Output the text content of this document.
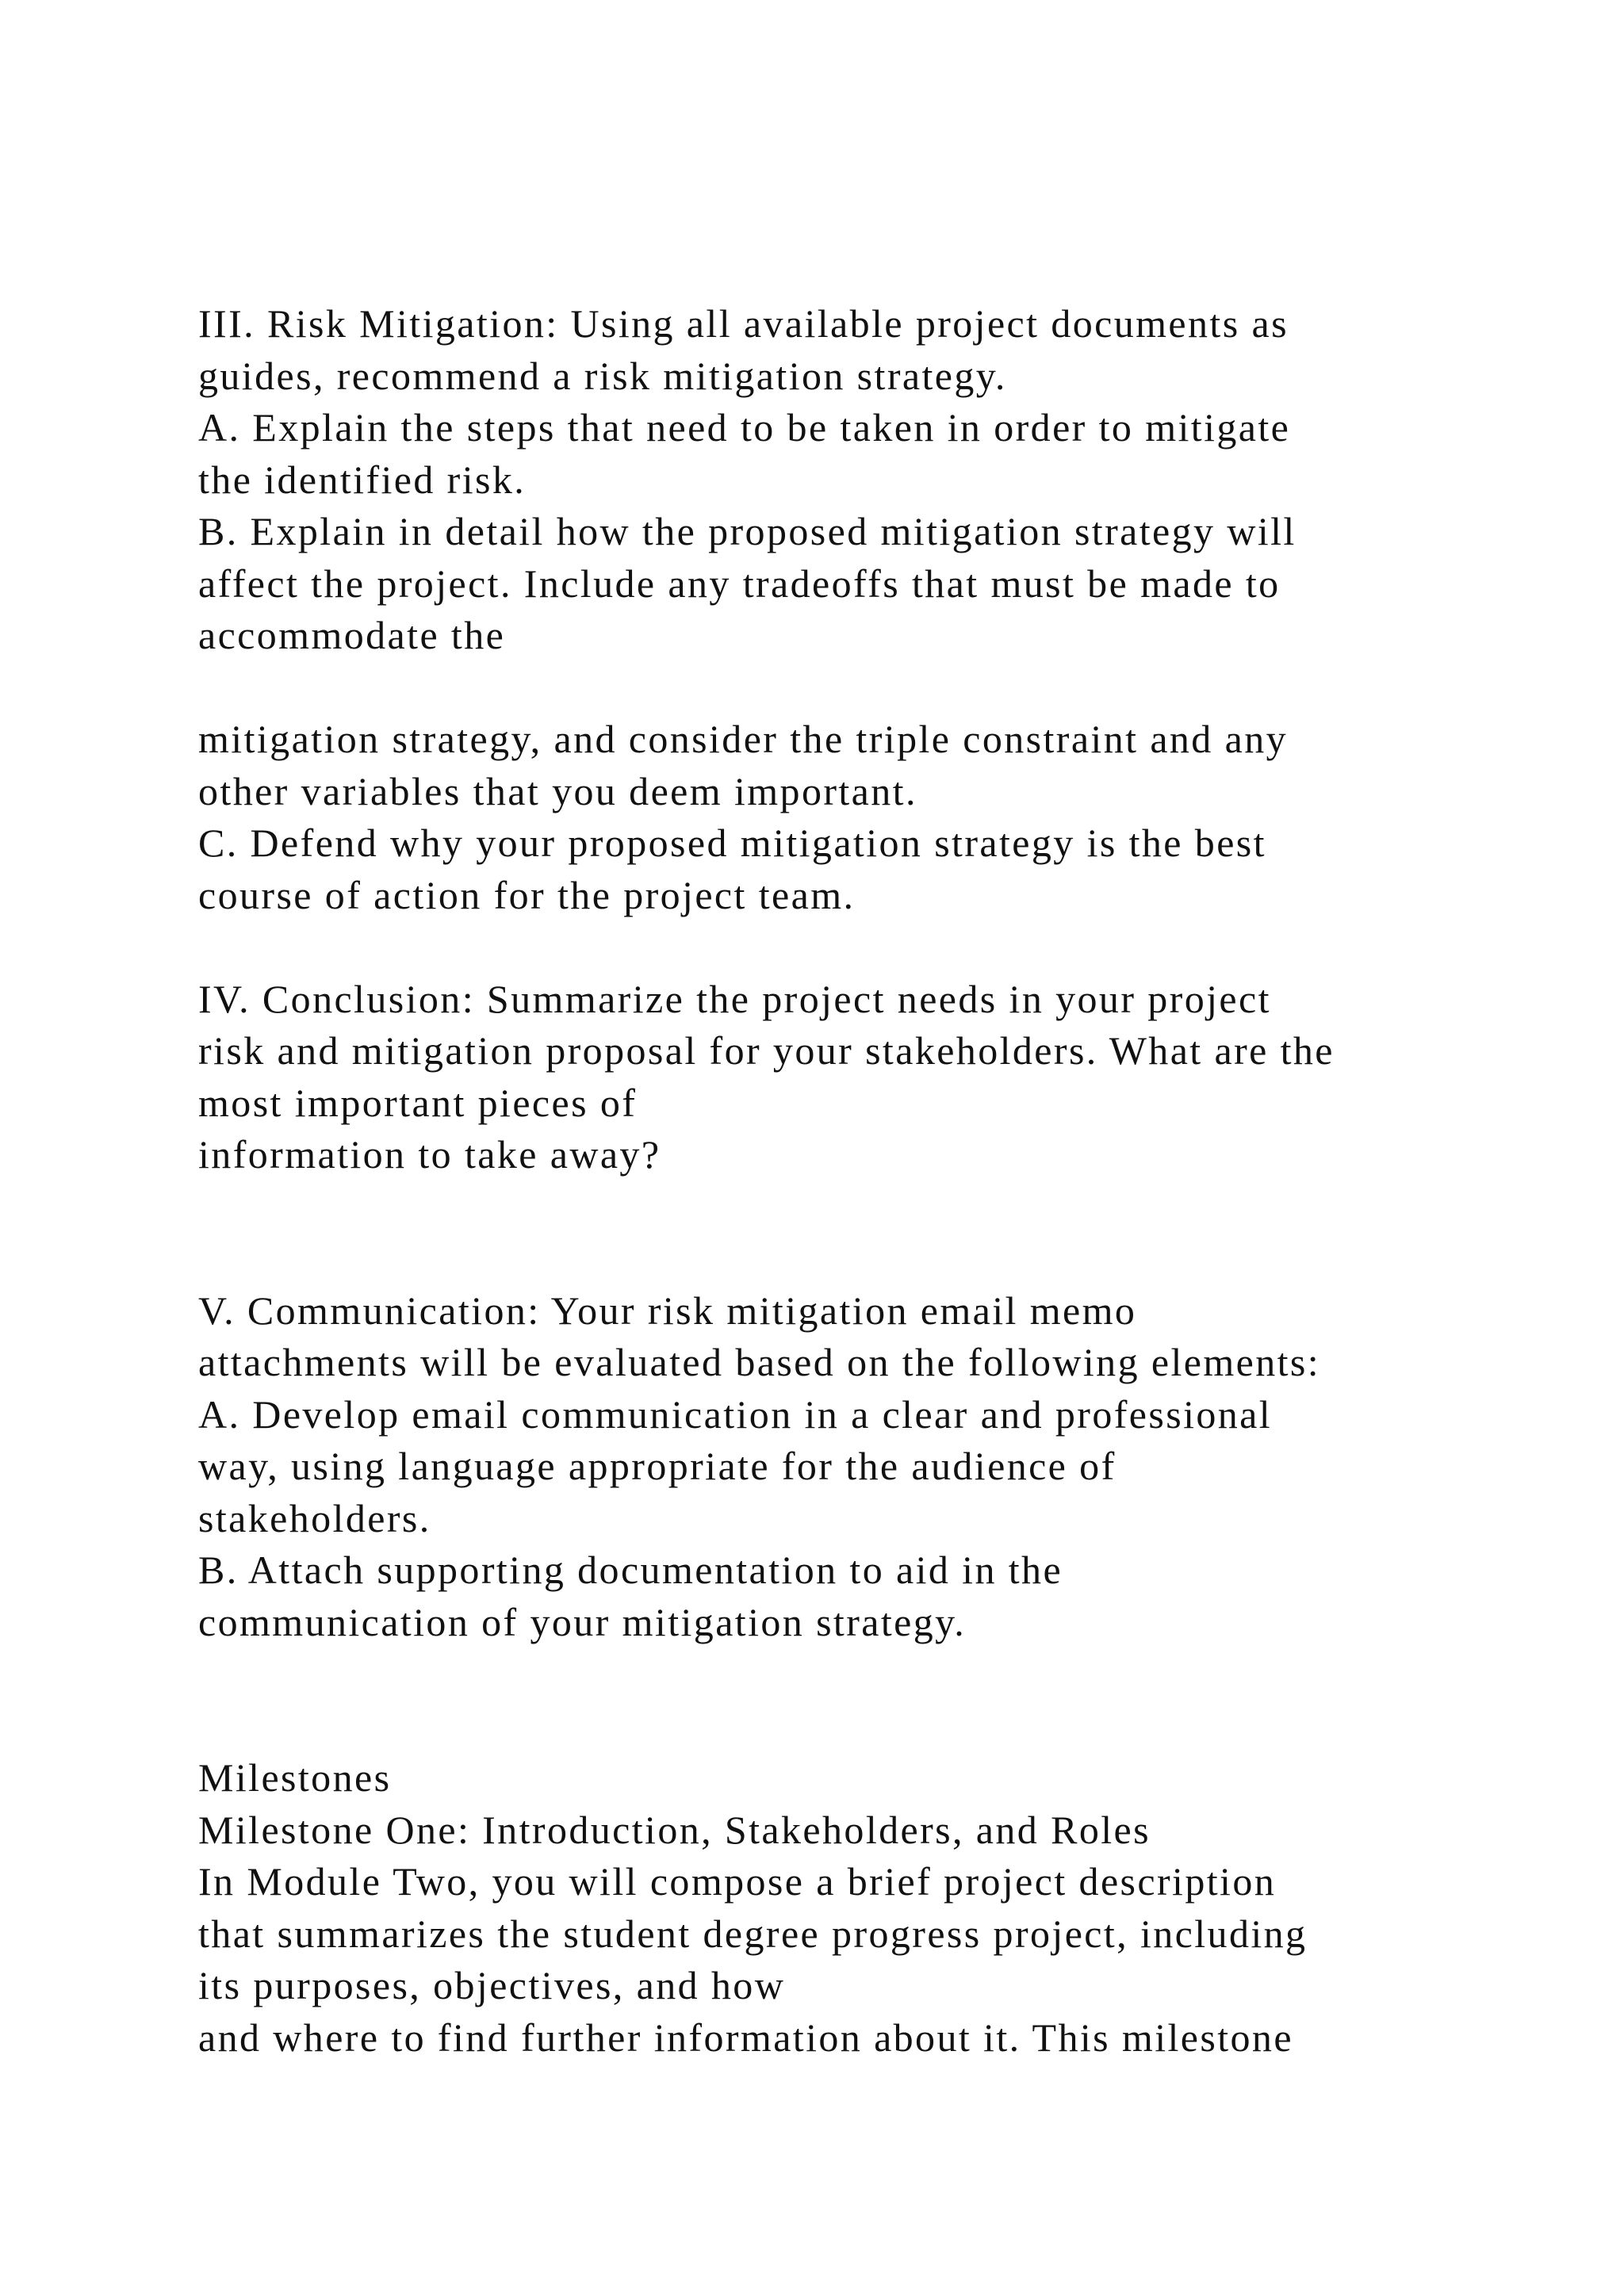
III. Risk Mitigation: Using all available project documents as
guides, recommend a risk mitigation strategy.
A. Explain the steps that need to be taken in order to mitigate
the identified risk.
B. Explain in detail how the proposed mitigation strategy will
affect the project. Include any tradeoffs that must be made to
accommodate the
mitigation strategy, and consider the triple constraint and any
other variables that you deem important.
C. Defend why your proposed mitigation strategy is the best
course of action for the project team.
IV. Conclusion: Summarize the project needs in your project
risk and mitigation proposal for your stakeholders. What are the
most important pieces of
information to take away?
V. Communication: Your risk mitigation email memo
attachments will be evaluated based on the following elements:
A. Develop email communication in a clear and professional
way, using language appropriate for the audience of
stakeholders.
B. Attach supporting documentation to aid in the
communication of your mitigation strategy.
Milestones
Milestone One: Introduction, Stakeholders, and Roles
In Module Two, you will compose a brief project description
that summarizes the student degree progress project, including
its purposes, objectives, and how
and where to find further information about it. This milestone
